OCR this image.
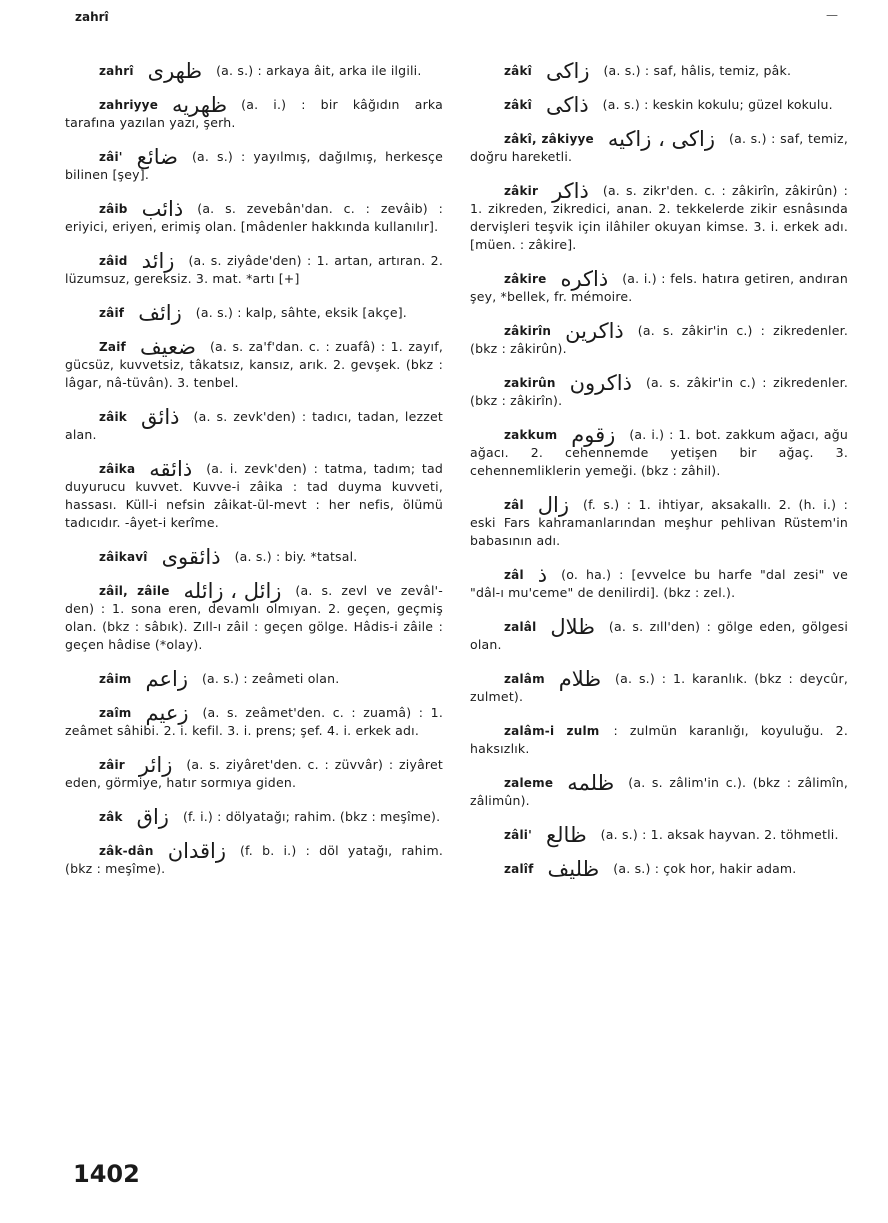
zahrî
zahrî ظهرى (a. s.) : arkaya âit, arka ile ilgili.
zahriyye ظهريه (a. i.) : bir kâğıdın arka tarafına yazılan yazı, şerh.
zâi' ضائع (a. s.) : yayılmış, dağılmış, herkesçe bilinen [şey].
zâib ذائب (a. s. zevebân'dan. c. : zevâib) : eriyici, eriyen, erimiş olan. [mâdenler hakkında kullanılır].
zâid زائد (a. s. ziyâde'den) : 1. artan, artıran. 2. lüzumsuz, gereksiz. 3. mat. *artı [+]
zâif زائف (a. s.) : kalp, sâhte, eksik [akçe].
Zaif ضعيف (a. s. za'f'dan. c. : zuafâ) : 1. zayıf, gücsüz, kuvvetsiz, tâkatsız, kansız, arık. 2. gevşek. (bkz : lâgar, nâ-tüvân). 3. tenbel.
zâik ذائق (a. s. zevk'den) : tadıcı, tadan, lezzet alan.
zâika ذائقه (a. i. zevk'den) : tatma, tadım; tad duyurucu kuvvet. Kuvve-i zâika : tad duyma kuvveti, hassası. Küll-i nefsin zâikat-ül-mevt : her nefis, ölümü tadıcıdır. -âyet-i kerîme.
zâikavî ذائقوى (a. s.) : biy. *tatsal.
zâil, zâile زائل ، زائله (a. s. zevl ve zevâl'-den) : 1. sona eren, devamlı olmıyan. 2. geçen, geçmiş olan. (bkz : sâbık). Zıll-ı zâil : geçen gölge. Hâdis-i zâile : geçen hâdise (*olay).
zâim زاعم (a. s.) : zeâmeti olan.
zaîm زعيم (a. s. zeâmet'den. c. : zuamâ) : 1. zeâmet sâhibi. 2. i. kefil. 3. i. prens; şef. 4. i. erkek adı.
zâir زائر (a. s. ziyâret'den. c. : züvvâr) : ziyâret eden, görmiye, hatır sormıya giden.
zâk زاق (f. i.) : dölyatağı; rahim. (bkz : meşîme).
zâk-dân زاقدان (f. b. i.) : döl yatağı, rahim. (bkz : meşîme).
zâkî زاكى (a. s.) : saf, hâlis, temiz, pâk.
zâkî ذاكى (a. s.) : keskin kokulu; güzel kokulu.
zâkî, zâkiyye زاكى ، زاكيه (a. s.) : saf, temiz, doğru hareketli.
zâkir ذاكر (a. s. zikr'den. c. : zâkirîn, zâkirûn) : 1. zikreden, zikredici, anan. 2. tekkelerde zikir esnâsında dervişleri teşvik için ilâhiler okuyan kimse. 3. i. erkek adı. [müen. : zâkire].
zâkire ذاكره (a. i.) : fels. hatıra getiren, andıran şey, *bellek, fr. mémoire.
zâkirîn ذاكرين (a. s. zâkir'in c.) : zikredenler. (bkz : zâkirûn).
zakirûn ذاكرون (a. s. zâkir'in c.) : zikredenler. (bkz : zâkirîn).
zakkum زقوم (a. i.) : 1. bot. zakkum ağacı, ağu ağacı. 2. cehennemde yetişen bir ağaç. 3. cehennemliklerin yemeği. (bkz : zâhil).
zâl زال (f. s.) : 1. ihtiyar, aksakallı. 2. (h. i.) : eski Fars kahramanlarından meşhur pehlivan Rüstem'in babasının adı.
zâl ذ (o. ha.) : [evvelce bu harfe "dal zesi" ve "dâl-ı mu'ceme" de denilirdi]. (bkz : zel.).
zalâl ظلال (a. s. zıll'den) : gölge eden, gölgesi olan.
zalâm ظلام (a. s.) : 1. karanlık. (bkz : deycûr, zulmet).
zalâm-i zulm : zulmün karanlığı, koyuluğu. 2. haksızlık.
zaleme ظلمه (a. s. zâlim'in c.). (bkz : zâlimîn, zâlimûn).
zâli' ظالع (a. s.) : 1. aksak hayvan. 2. töhmetli.
zalîf ظليف (a. s.) : çok hor, hakir adam.
1402
—
